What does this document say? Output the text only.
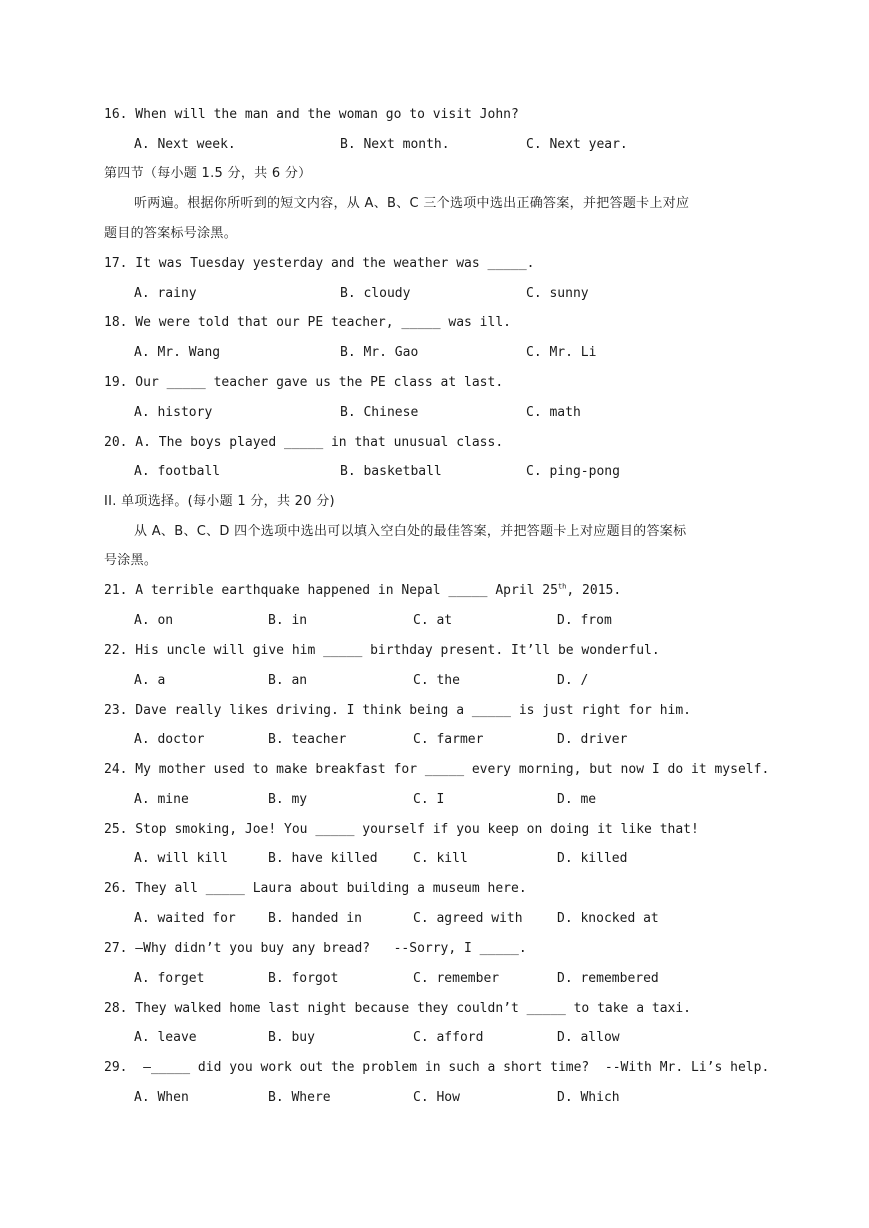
16. When will the man and the woman go to visit John?
A. Next week.	B. Next month.	C. Next year.
第四节（每小题 1.5 分，共 6 分）
听两遍。根据你所听到的短文内容，从 A、B、C 三个选项中选出正确答案，并把答题卡上对应
题目的答案标号涂黑。
17. It was Tuesday yesterday and the weather was _____.
A. rainy	B. cloudy	C. sunny
18. We were told that our PE teacher, _____ was ill.
A. Mr. Wang	B. Mr. Gao	C. Mr. Li
19. Our _____ teacher gave us the PE class at last.
A. history	B. Chinese	C. math
20. A. The boys played _____ in that unusual class.
A. football	B. basketball	C. ping-pong
II. 单项选择。(每小题 1 分，共 20 分)
从 A、B、C、D 四个选项中选出可以填入空白处的最佳答案，并把答题卡上对应题目的答案标
号涂黑。
21. A terrible earthquake happened in Nepal _____ April 25th, 2015.
A. on	B. in	C. at	D. from
22. His uncle will give him _____ birthday present. It’ll be wonderful.
A. a	B. an	C. the	D. /
23. Dave really likes driving. I think being a _____ is just right for him.
A. doctor	B. teacher	C. farmer	D. driver
24. My mother used to make breakfast for _____ every morning, but now I do it myself.
A. mine	B. my	C. I	D. me
25. Stop smoking, Joe! You _____ yourself if you keep on doing it like that!
A. will kill	B. have killed	C. kill	D. killed
26. They all _____ Laura about building a museum here.
A. waited for B. handed in	C. agreed with	D. knocked at
27. –Why didn’t you buy any bread?   --Sorry, I _____.
A. forget	B. forgot	C. remember	D. remembered
28. They walked home last night because they couldn’t _____ to take a taxi.
A. leave	B. buy	C. afford	D. allow
29.  –_____ did you work out the problem in such a short time?  --With Mr. Li’s help.
A. When	B. Where	C. How	D. Which
